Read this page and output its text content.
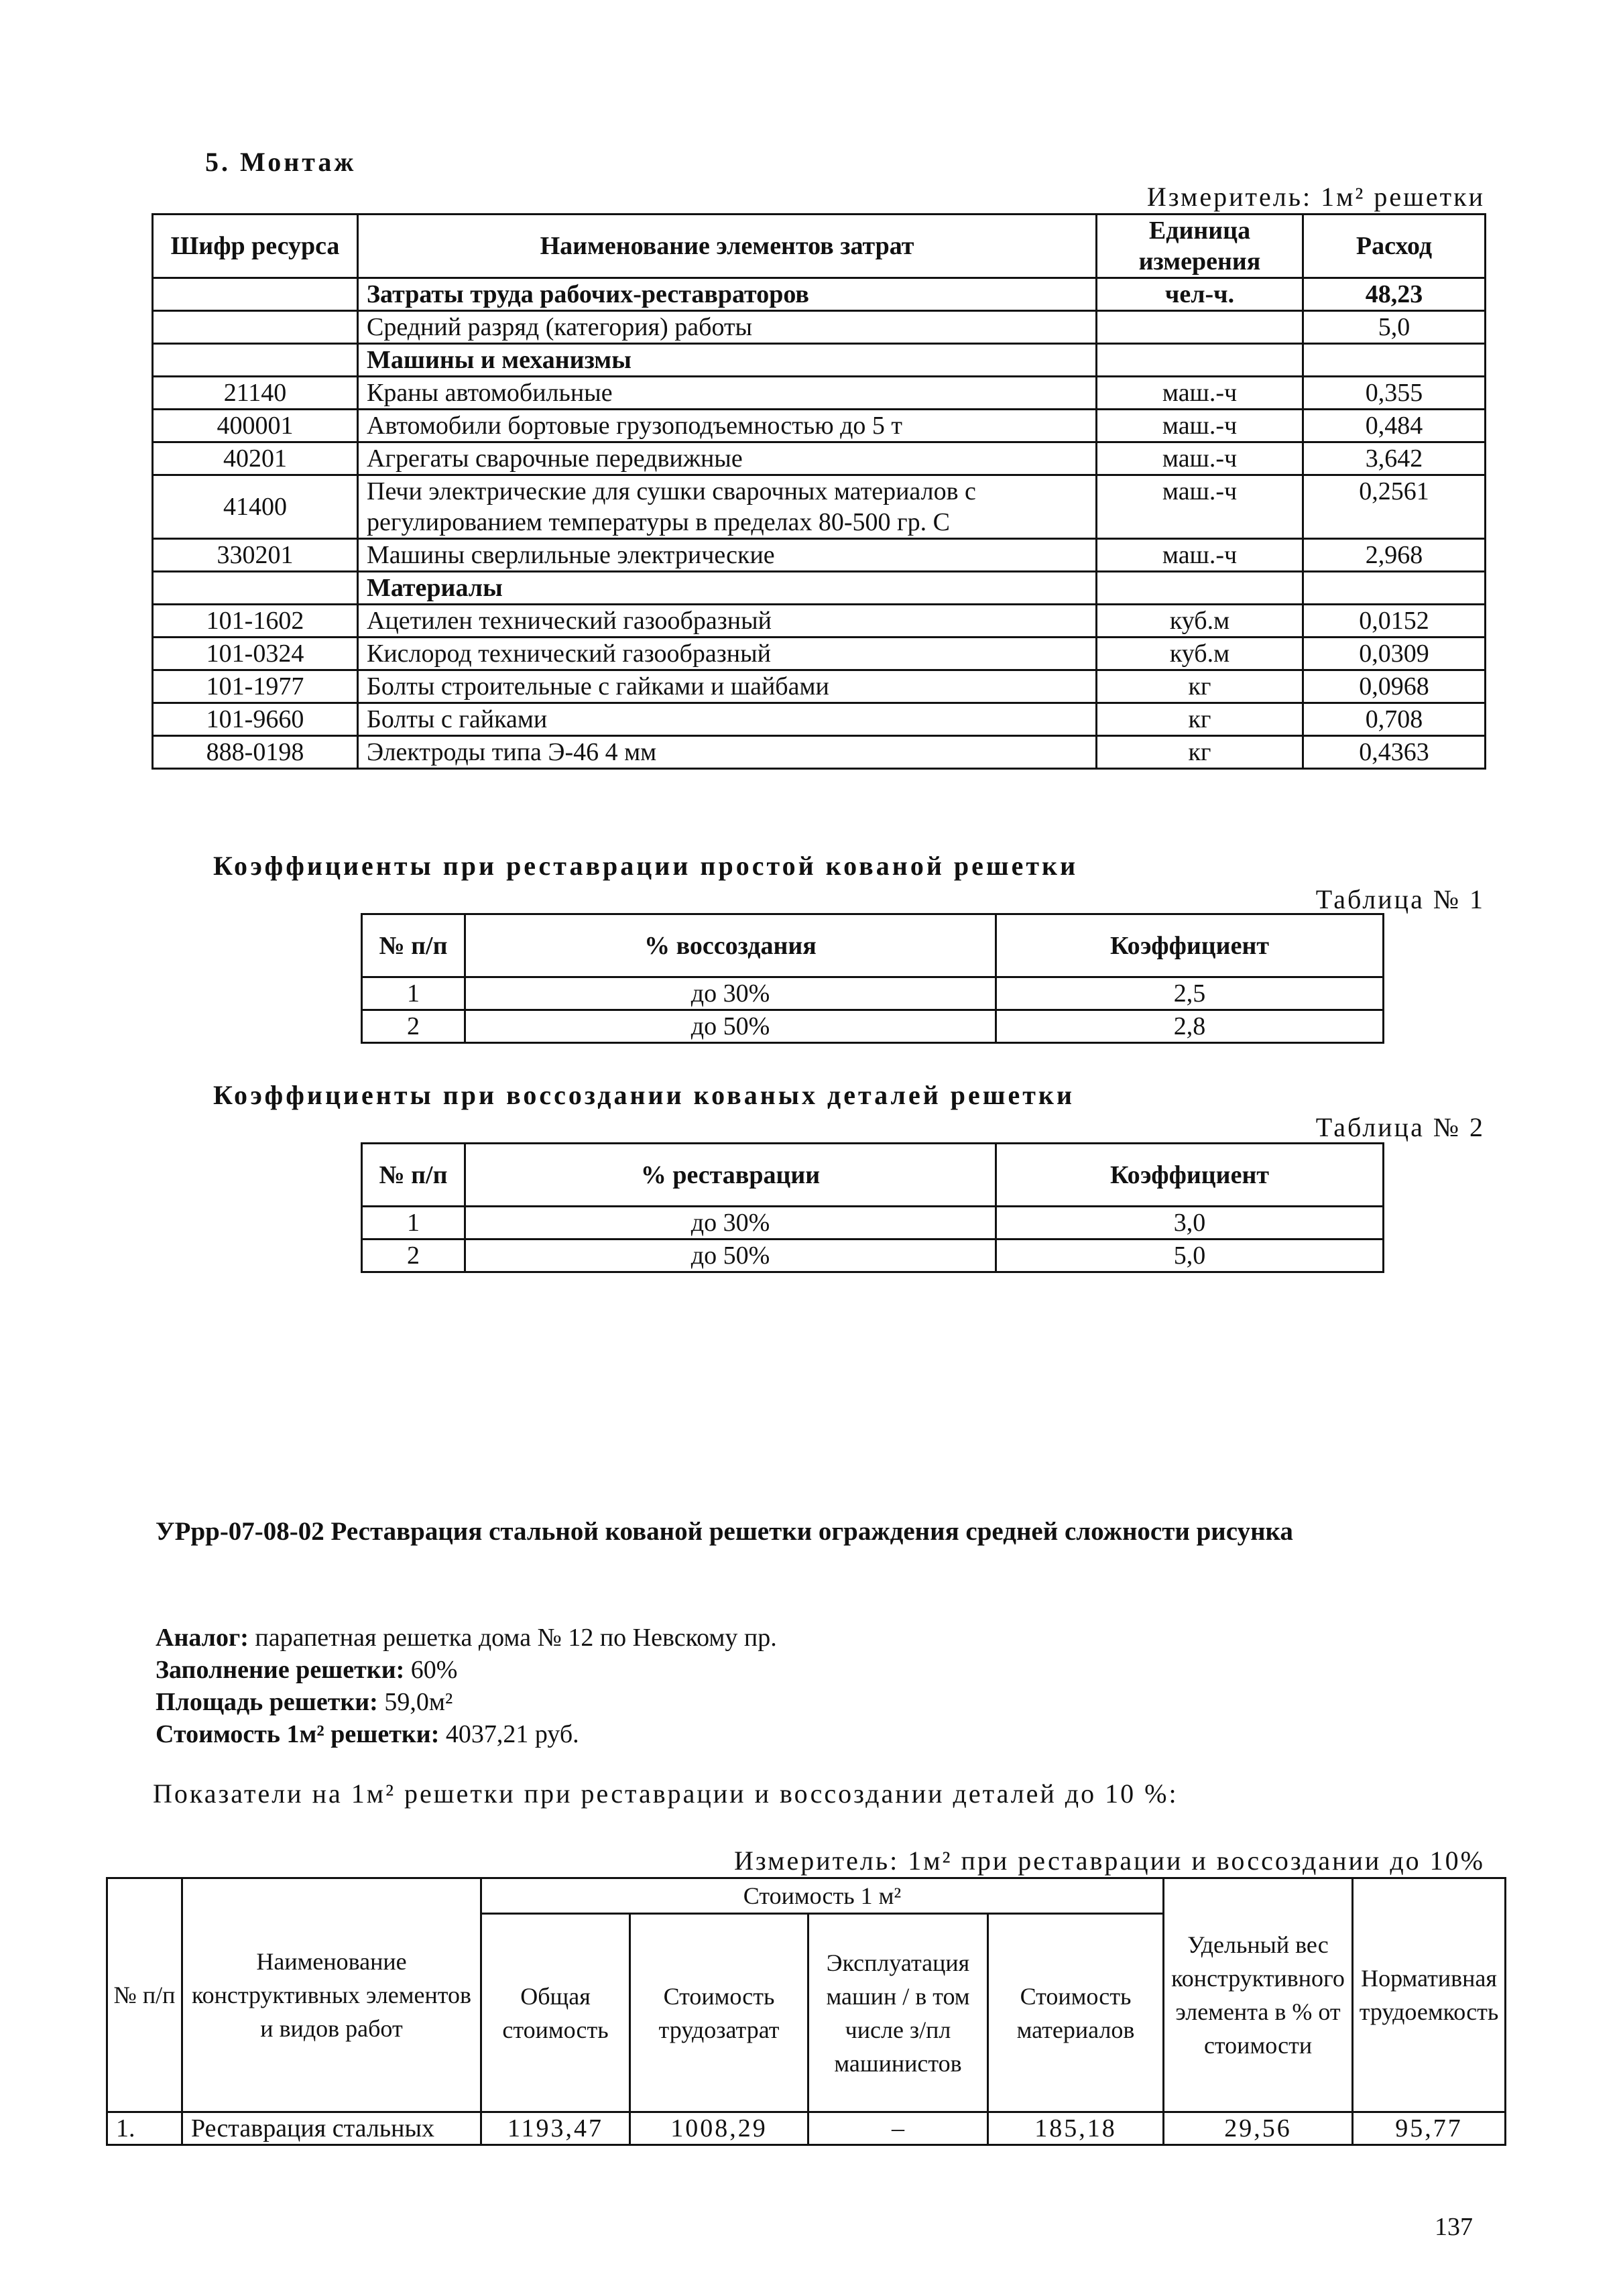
5. Монтаж
Измеритель: 1м² решетки
Шифр ресурса	Наименование элементов затрат	Единица измерения	Расход
	Затраты труда рабочих-реставраторов	чел-ч.	48,23
	Средний разряд (категория) работы		5,0
	Машины и механизмы		
21140	Краны автомобильные	маш.-ч	0,355
400001	Автомобили бортовые грузоподъемностью до 5 т	маш.-ч	0,484
40201	Агрегаты сварочные передвижные	маш.-ч	3,642
41400	Печи электрические для сушки сварочных материалов с регулированием температуры в пределах 80-500 гр. С	маш.-ч	0,2561
330201	Машины сверлильные электрические	маш.-ч	2,968
	Материалы		
101-1602	Ацетилен технический газообразный	куб.м	0,0152
101-0324	Кислород технический газообразный	куб.м	0,0309
101-1977	Болты строительные с гайками и шайбами	кг	0,0968
101-9660	Болты с гайками	кг	0,708
888-0198	Электроды типа Э-46 4 мм	кг	0,4363
Коэффициенты при реставрации простой кованой решетки
Таблица № 1
№ п/п	% воссоздания	Коэффициент
1	до 30%	2,5
2	до 50%	2,8
Коэффициенты при воссоздании кованых деталей решетки
Таблица № 2
№ п/п	% реставрации	Коэффициент
1	до 30%	3,0
2	до 50%	5,0
УРрр-07-08-02 Реставрация стальной кованой решетки ограждения средней сложности рисунка
Аналог: парапетная решетка дома № 12 по Невскому пр.
Заполнение решетки: 60%
Площадь решетки: 59,0м²
Стоимость 1м² решетки: 4037,21 руб.
Показатели на 1м² решетки при реставрации и воссоздании деталей до 10 %:
Измеритель: 1м² при реставрации и воссоздании до 10%
№ п/п	Наименование конструктивных элементов и видов работ	Стоимость 1 м²				Удельный вес конструктивного элемента в % от стоимости	Нормативная трудоемкость
		Общая стоимость	Стоимость трудозатрат	Эксплуатация машин / в том числе з/пл машинистов	Стоимость материалов		
1.	Реставрация стальных	1193,47	1008,29	–	185,18	29,56	95,77
137
